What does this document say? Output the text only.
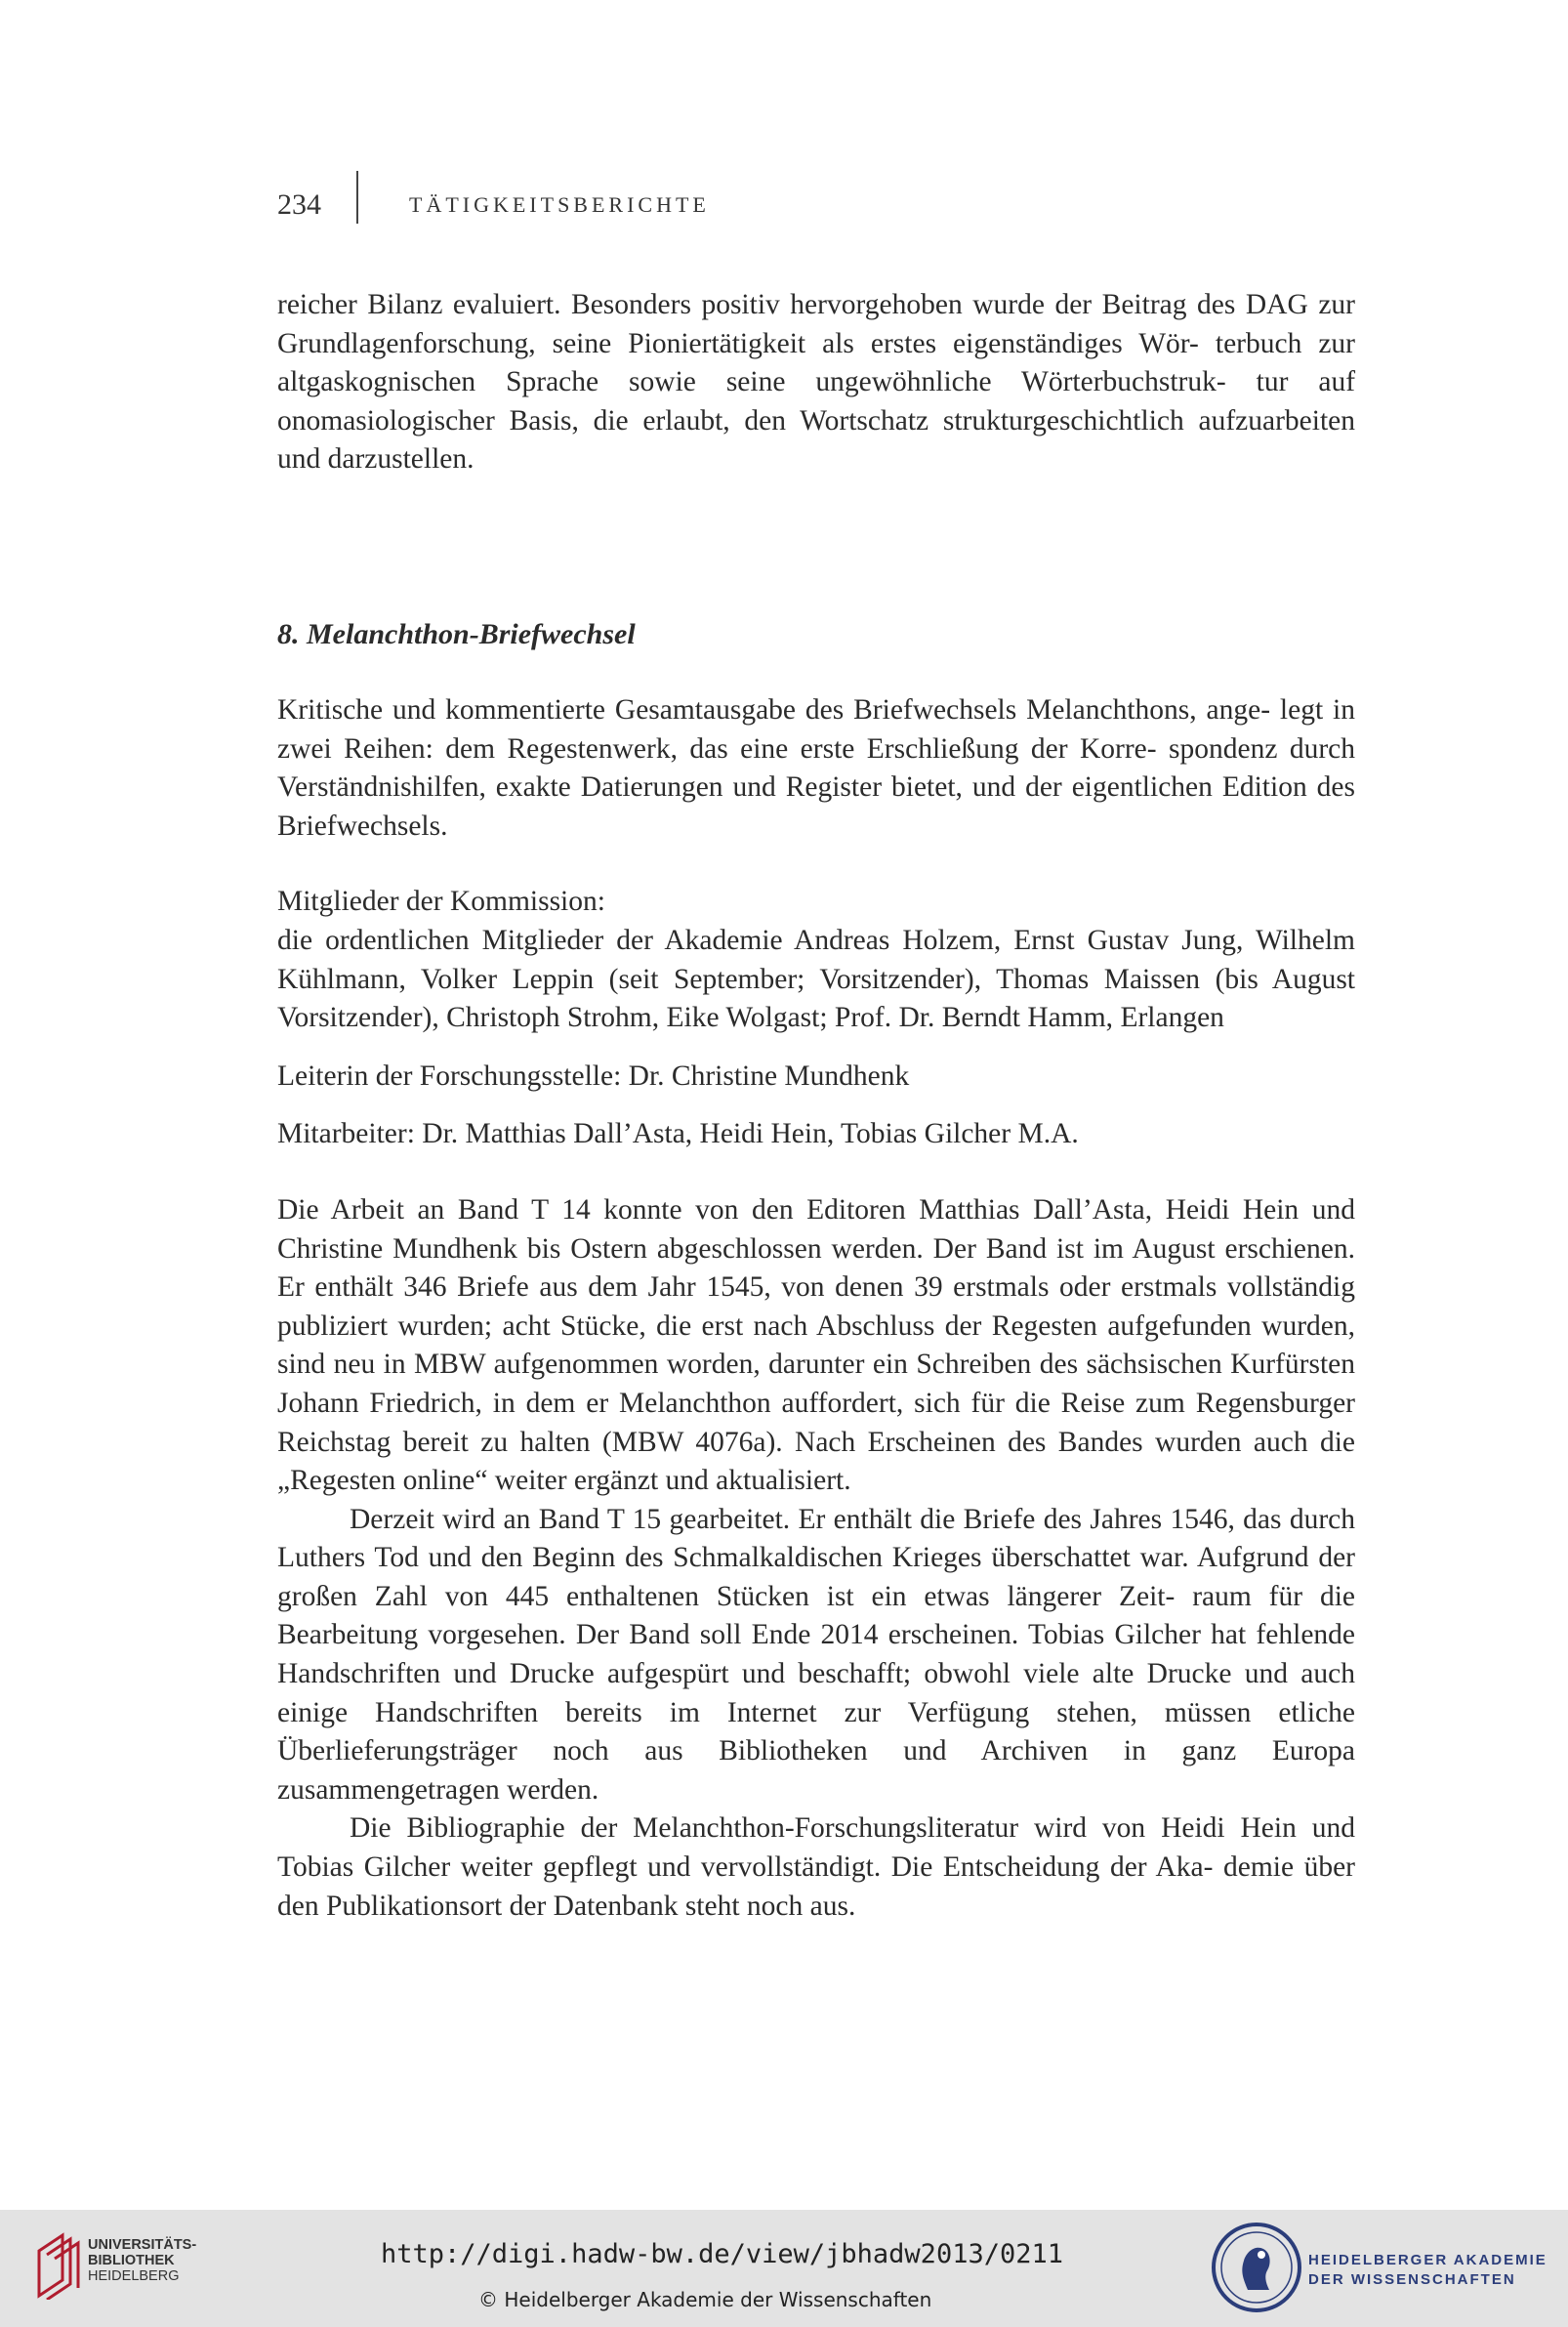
234	TÄTIGKEITSBERICHTE

reicher Bilanz evaluiert. Besonders positiv hervorgehoben wurde der Beitrag des DAG zur Grundlagenforschung, seine Pioniertätigkeit als erstes eigenständiges Wör- terbuch zur altgaskognischen Sprache sowie seine ungewöhnliche Wörterbuchstruk- tur auf onomasiologischer Basis, die erlaubt, den Wortschatz strukturgeschichtlich aufzuarbeiten und darzustellen.

8. Melanchthon-Briefwechsel

Kritische und kommentierte Gesamtausgabe des Briefwechsels Melanchthons, ange- legt in zwei Reihen: dem Regestenwerk, das eine erste Erschließung der Korre- spondenz durch Verständnishilfen, exakte Datierungen und Register bietet, und der eigentlichen Edition des Briefwechsels.

Mitglieder der Kommission:

die ordentlichen Mitglieder der Akademie Andreas Holzem, Ernst Gustav Jung, Wilhelm Kühlmann, Volker Leppin (seit September; Vorsitzender), Thomas Maissen (bis August Vorsitzender), Christoph Strohm, Eike Wolgast; Prof. Dr. Berndt Hamm, Erlangen

Leiterin der Forschungsstelle: Dr. Christine Mundhenk

Mitarbeiter: Dr. Matthias Dall’Asta, Heidi Hein, Tobias Gilcher M.A.

Die Arbeit an Band T 14 konnte von den Editoren Matthias Dall’Asta, Heidi Hein und Christine Mundhenk bis Ostern abgeschlossen werden. Der Band ist im August erschienen. Er enthält 346 Briefe aus dem Jahr 1545, von denen 39 erstmals oder erstmals vollständig publiziert wurden; acht Stücke, die erst nach Abschluss der Regesten aufgefunden wurden, sind neu in MBW aufgenommen worden, darunter ein Schreiben des sächsischen Kurfürsten Johann Friedrich, in dem er Melanchthon auffordert, sich für die Reise zum Regensburger Reichstag bereit zu halten (MBW 4076a). Nach Erscheinen des Bandes wurden auch die „Regesten online“ weiter ergänzt und aktualisiert.

Derzeit wird an Band T 15 gearbeitet. Er enthält die Briefe des Jahres 1546, das durch Luthers Tod und den Beginn des Schmalkaldischen Krieges überschattet war. Aufgrund der großen Zahl von 445 enthaltenen Stücken ist ein etwas längerer Zeit- raum für die Bearbeitung vorgesehen. Der Band soll Ende 2014 erscheinen. Tobias Gilcher hat fehlende Handschriften und Drucke aufgespürt und beschafft; obwohl viele alte Drucke und auch einige Handschriften bereits im Internet zur Verfügung stehen, müssen etliche Überlieferungsträger noch aus Bibliotheken und Archiven in ganz Europa zusammengetragen werden.

Die Bibliographie der Melanchthon-Forschungsliteratur wird von Heidi Hein und Tobias Gilcher weiter gepflegt und vervollständigt. Die Entscheidung der Aka- demie über den Publikationsort der Datenbank steht noch aus.

UNIVERSITÄTS-
BIBLIOTHEK
HEIDELBERG
http://digi.hadw-bw.de/view/jbhadw2013/0211
© Heidelberger Akademie der Wissenschaften
HEIDELBERGER AKADEMIE
DER WISSENSCHAFTEN
